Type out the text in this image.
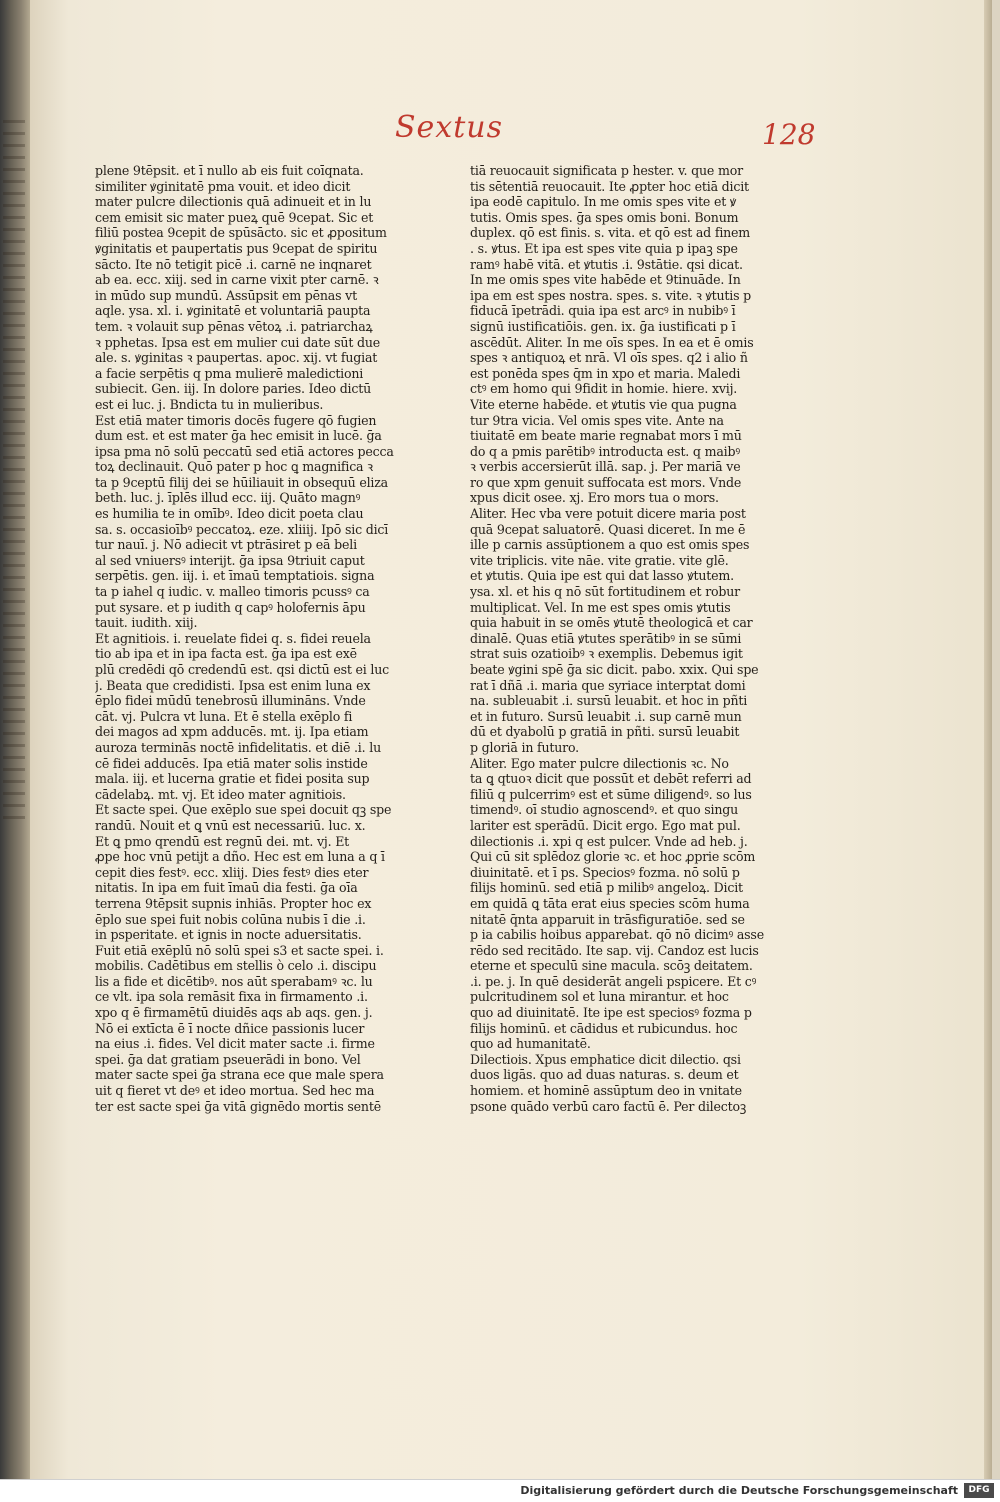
Sextus	128
plene 9tēpsit. et ī nullo ab eis fuit coīqnata.
similiter ꝟginitatē pma vouit. et ideo dicit
mater pulcre dilectionis quā adinueit et in lu
cem emisit sic mater pueꝝ quē 9cepat. Sic et
filiū postea 9cepit de spūsācto. sic et ꝓpositum
ꝟginitatis et paupertatis pus 9cepat de spiritu
sācto. Ite nō tetigit picē .i. carnē ne inqnaret
ab ea. ecc. xiij. sed in carne vixit pter carnē. ꝛ
in mūdo sup mundū. Assūpsit em pēnas vt
aqle. ysa. xl. i. ꝟginitatē et voluntariā paupta
tem. ꝛ volauit sup pēnas vētoꝝ .i. patriarchaꝝ
ꝛ pphetas. Ipsa est em mulier cui date sūt due
ale. s. ꝟginitas ꝛ paupertas. apoc. xij. vt fugiat
a facie serpētis q pma mulierē maledictioni
subiecit. Gen. iij. In dolore paries. Ideo dictū
est ei luc. j. Bndicta tu in mulieribus.
Est etiā mater timoris docēs fugere qō fugien
dum est. et est mater ḡa hec emisit in lucē. ḡa
ipsa pma nō solū peccatū sed etiā actores pecca
toꝝ declinauit. Quō pater p hoc ꝗ magnifica ꝛ
ta p 9ceptū filij dei se hūiliauit in obsequū eliza
beth. luc. j. īplēs illud ecc. iij. Quāto magnꝰ
es humilia te in omībꝰ. Ideo dicit poeta clau
sa. s. occasioībꝰ peccatoꝝ. eze. xliiij. Ipō sic dicī
tur nauī. j. Nō adiecit vt ptrāsiret p eā beli
al sed vniuersꝰ interijt. ḡa ipsa 9triuit caput
serpētis. gen. iij. i. et īmaū temptatiois. signa
ta p iahel q iudic. v. malleo timoris pcussꝰ ca
put sysare. et p iudith q capꝰ holofernis āpu
tauit. iudith. xiij.
Et agnitiois. i. reuelate fidei q. s. fidei reuela
tio ab ipa et in ipa facta est. ḡa ipa est exē
plū credēdi qō credendū est. qsi dictū est ei luc
j. Beata que credidisti. Ipsa est enim luna ex
ēplo fidei mūdū tenebrosū illumināns. Vnde
cāt. vj. Pulcra vt luna. Et ē stella exēplo fi
dei magos ad xpm adducēs. mt. ij. Ipa etiam
auroza terminās noctē infidelitatis. et diē .i. lu
cē fidei adducēs. Ipa etiā mater solis instide
mala. iij. et lucerna gratie et fidei posita sup
cādelabꝝ. mt. vj. Et ideo mater agnitiois.
Et sacte spei. Que exēplo sue spei docuit qꝫ spe
randū. Nouit et ꝗ vnū est necessariū. luc. x.
Et ꝗ pmo qrendū est regnū dei. mt. vj. Et
ꝓpe hoc vnū petijt a dño. Hec est em luna a q ī
cepit dies festꝰ. ecc. xliij. Dies festꝰ dies eter
nitatis. In ipa em fuit īmaū dia festi. ḡa oīa
terrena 9tēpsit supnis inhiās. Propter hoc ex
ēplo sue spei fuit nobis colūna nubis ī die .i.
in psperitate. et ignis in nocte aduersitatis.
Fuit etiā exēplū nō solū spei s3 et sacte spei. i.
mobilis. Cadētibus em stellis ò celo .i. discipu
lis a fide et dicētibꝰ. nos aūt sperabamꝰ ꝛc. lu
ce vlt. ipa sola remāsit fixa in firmamento .i.
xpo q ē firmamētū diuidēs aqs ab aqs. gen. j.
Nō ei extīcta ē ī nocte dñice passionis lucer
na eius .i. fides. Vel dicit mater sacte .i. firme
spei. ḡa dat gratiam pseuerādi in bono. Vel
mater sacte spei ḡa strana ece que male spera
uit q fieret vt deꝰ et ideo mortua. Sed hec ma
ter est sacte spei ḡa vitā gignēdo mortis sentē
tiā reuocauit significata p hester. v. que mor
tis sētentiā reuocauit. Ite ꝓpter hoc etiā dicit
ipa eodē capitulo. In me omis spes vite et ꝟ
tutis. Omis spes. ḡa spes omis boni. Bonum
duplex. qō est finis. s. vita. et qō est ad finem
. s. ꝟtus. Et ipa est spes vite quia p ipaꝫ spe
ramꝰ habē vitā. et ꝟtutis .i. 9stātie. qsi dicat.
In me omis spes vite habēde et 9tinuāde. In
ipa em est spes nostra. spes. s. vite. ꝛ ꝟtutis p
fiducā īpetrādi. quia ipa est arcꝰ in nubibꝰ ī
signū iustificatiōis. gen. ix. ḡa iustificati p ī
ascēdūt. Aliter. In me oīs spes. In ea et ē omis
spes ꝛ antiquoꝝ et nrā. Vl oīs spes. q2 i alio ñ
est ponēda spes q̄m in xpo et maria. Maledi
ctꝰ em homo qui 9fidit in homie. hiere. xvij.
Vite eterne habēde. et ꝟtutis vie qua pugna
tur 9tra vicia. Vel omis spes vite. Ante na
tiuitatē em beate marie regnabat mors ī mū
do q a pmis parētibꝰ introducta est. q maibꝰ
ꝛ verbis accersierūt illā. sap. j. Per mariā ve
ro que xpm genuit suffocata est mors. Vnde
xpus dicit osee. xj. Ero mors tua o mors.
Aliter. Hec vba vere potuit dicere maria post
quā 9cepat saluatorē. Quasi diceret. In me ē
ille p carnis assūptionem a quo est omis spes
vite triplicis. vite nāe. vite gratie. vite glē.
et ꝟtutis. Quia ipe est qui dat lasso ꝟtutem.
ysa. xl. et his q nō sūt fortitudinem et robur
multiplicat. Vel. In me est spes omis ꝟtutis
quia habuit in se omēs ꝟtutē theologicā et car
dinalē. Quas etiā ꝟtutes sperātibꝰ in se sūmi
strat suis ozatioibꝰ ꝛ exemplis. Debemus igit
beate ꝟgini spē ḡa sic dicit. pabo. xxix. Qui spe
rat ī dñā .i. maria que syriace interptat domi
na. subleuabit .i. sursū leuabit. et hoc in pñti
et in futuro. Sursū leuabit .i. sup carnē mun
dū et dyabolū p gratiā in pñti. sursū leuabit
p gloriā in futuro.
Aliter. Ego mater pulcre dilectionis ꝛc. No
ta ꝗ qtuoꝛ dicit que possūt et debēt referri ad
filiū q pulcerrimꝰ est et sūme diligendꝰ. so lus
timendꝰ. oī studio agnoscendꝰ. et quo singu
lariter est sperādū. Dicit ergo. Ego mat pul.
dilectionis .i. xpi q est pulcer. Vnde ad heb. j.
Qui cū sit splēdoz glorie ꝛc. et hoc ꝓprie scōm
diuinitatē. et ī ps. Speciosꝰ fozma. nō solū p
filijs hominū. sed etiā p milibꝰ angeloꝝ. Dicit
em quidā ꝗ tāta erat eius species scōm huma
nitatē q̄nta apparuit in trāsfiguratiōe. sed se
p ia cabilis hoibus apparebat. qō nō dicimꝰ asse
rēdo sed recitādo. Ite sap. vij. Candoz est lucis
eterne et speculū sine macula. scōꝫ deitatem.
.i. pe. j. In quē desiderāt angeli pspicere. Et cꝰ
pulcritudinem sol et luna mirantur. et hoc
quo ad diuinitatē. Ite ipe est speciosꝰ fozma p
filijs hominū. et cādidus et rubicundus. hoc
quo ad humanitatē.
Dilectiois. Xpus emphatice dicit dilectio. qsi
duos ligās. quo ad duas naturas. s. deum et
homiem. et hominē assūptum deo in vnitate
psone quādo verbū caro factū ē. Per dilectoꝫ
Digitalisierung gefördert durch die Deutsche Forschungsgemeinschaft	DFG
